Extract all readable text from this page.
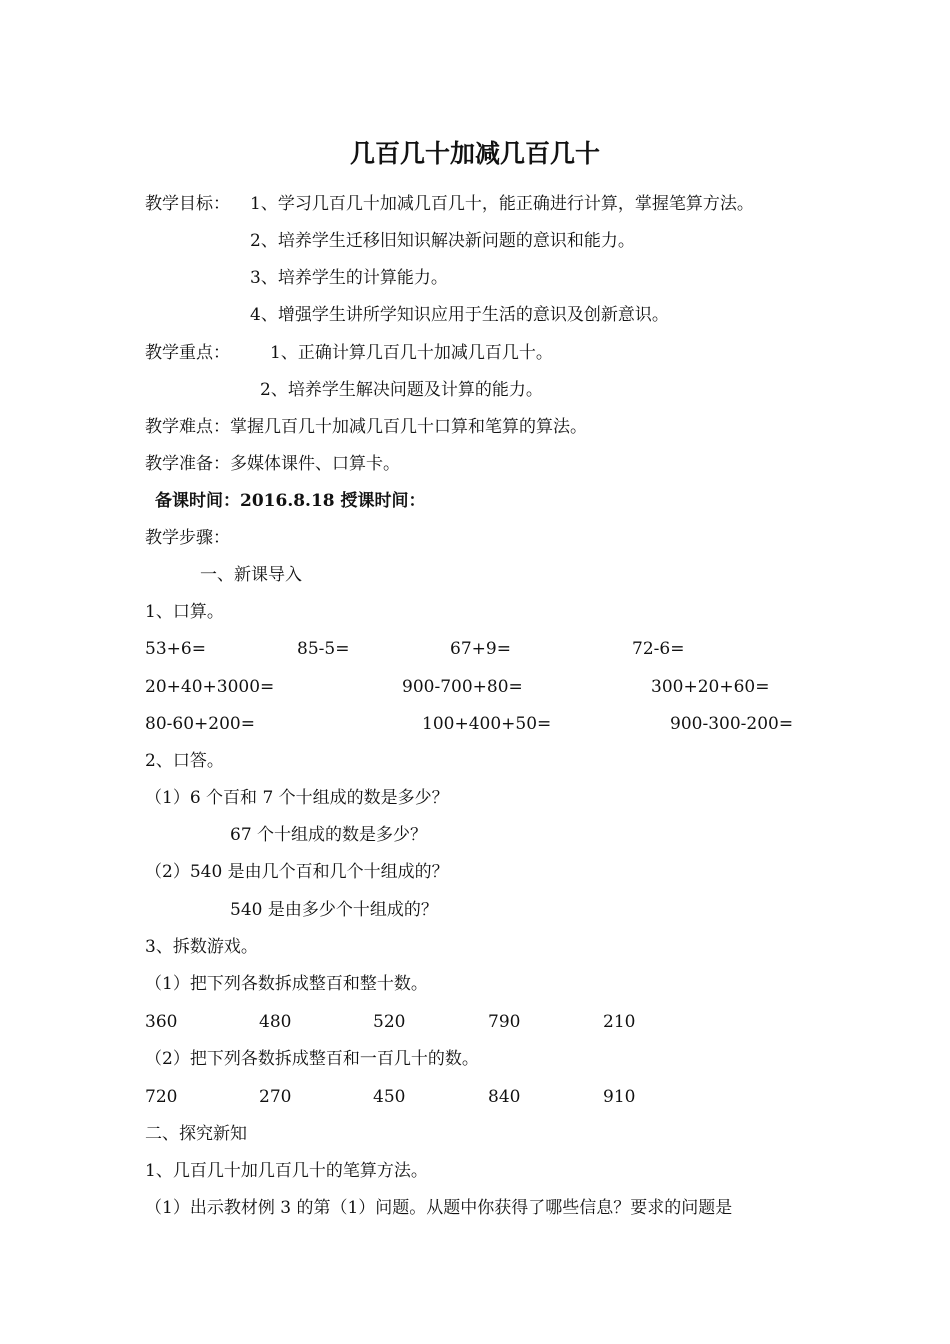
几百几十加减几百几十
教学目标： 1、学习几百几十加减几百几十，能正确进行计算，掌握笔算方法。
2、培养学生迁移旧知识解决新问题的意识和能力。
3、培养学生的计算能力。
4、增强学生讲所学知识应用于生活的意识及创新意识。
教学重点： 1、正确计算几百几十加减几百几十。
2、培养学生解决问题及计算的能力。
教学难点：掌握几百几十加减几百几十口算和笔算的算法。
教学准备：多媒体课件、口算卡。
备课时间：2016.8.18 授课时间：
教学步骤：
一、新课导入
1、口算。
53+6=	85-5=	67+9=	72-6=
20+40+3000=	900-700+80=	300+20+60=
80-60+200=	100+400+50=	900-300-200=
2、口答。
（1）6 个百和 7 个十组成的数是多少？
67 个十组成的数是多少？
（2）540 是由几个百和几个十组成的？
540 是由多少个十组成的？
3、拆数游戏。
（1）把下列各数拆成整百和整十数。
360	480	520	790	210
（2）把下列各数拆成整百和一百几十的数。
720	270	450	840	910
二、探究新知
1、几百几十加几百几十的笔算方法。
（1）出示教材例 3 的第（1）问题。从题中你获得了哪些信息？要求的问题是
